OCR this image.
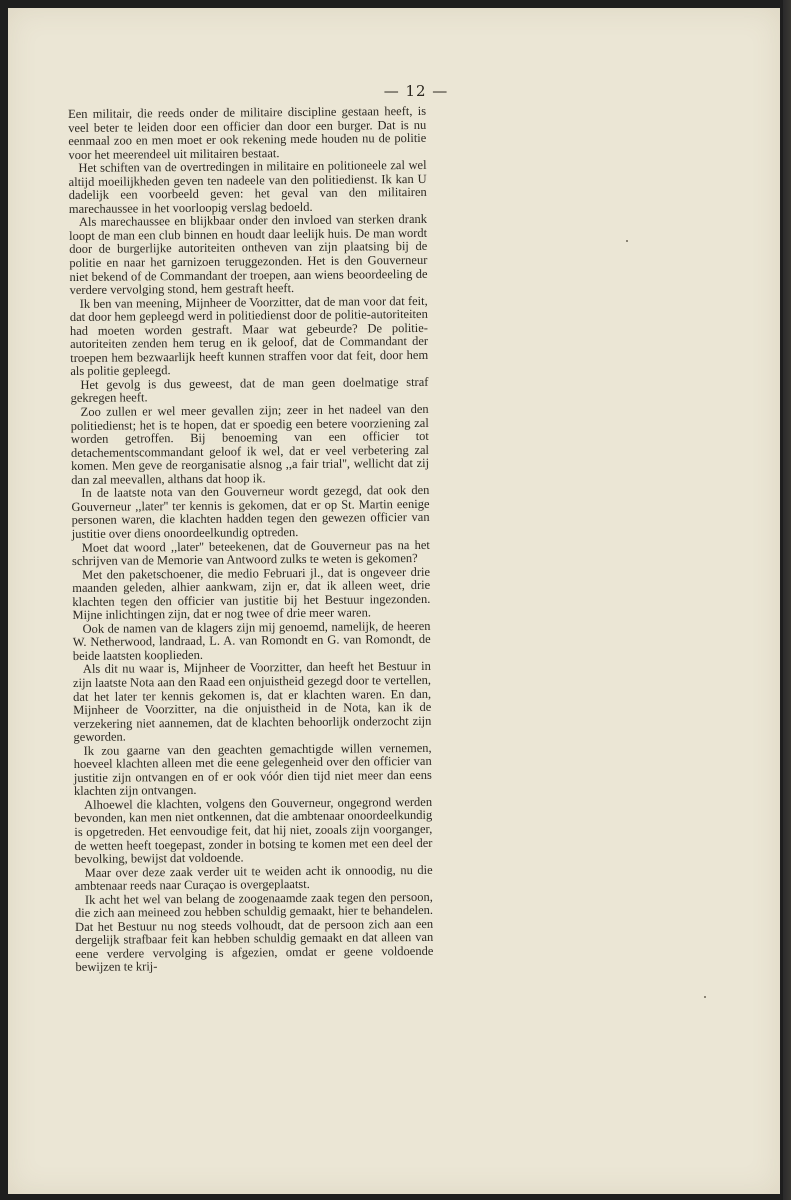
— 12 —

Een militair, die reeds onder de militaire discipline gestaan heeft, is veel beter te leiden door een officier dan door een burger. Dat is nu eenmaal zoo en men moet er ook rekening mede houden nu de politie voor het meerendeel uit militairen bestaat.

Het schiften van de overtredingen in militaire en politioneele zal wel altijd moeilijkheden geven ten nadeele van den politiedienst. Ik kan U dadelijk een voorbeeld geven: het geval van den militairen marechaussee in het voorloopig verslag bedoeld.

Als marechaussee en blijkbaar onder den invloed van sterken drank loopt de man een club binnen en houdt daar leelijk huis. De man wordt door de burgerlijke autoriteiten ontheven van zijn plaatsing bij de politie en naar het garnizoen teruggezonden. Het is den Gouverneur niet bekend of de Commandant der troepen, aan wiens beoordeeling de verdere vervolging stond, hem gestraft heeft.

Ik ben van meening, Mijnheer de Voorzitter, dat de man voor dat feit, dat door hem gepleegd werd in politiedienst door de politie-autoriteiten had moeten worden gestraft. Maar wat gebeurde? De politie-autoriteiten zenden hem terug en ik geloof, dat de Commandant der troepen hem bezwaarlijk heeft kunnen straffen voor dat feit, door hem als politie gepleegd.

Het gevolg is dus geweest, dat de man geen doelmatige straf gekregen heeft.

Zoo zullen er wel meer gevallen zijn; zeer in het nadeel van den politiedienst; het is te hopen, dat er spoedig een betere voorziening zal worden getroffen. Bij benoeming van een officier tot detachementscommandant geloof ik wel, dat er veel verbetering zal komen. Men geve de reorganisatie alsnog ,,a fair trial'', wellicht dat zij dan zal meevallen, althans dat hoop ik.

In de laatste nota van den Gouverneur wordt gezegd, dat ook den Gouverneur ,,later'' ter kennis is gekomen, dat er op St. Martin eenige personen waren, die klachten hadden tegen den gewezen officier van justitie over diens onoordeelkundig optreden.

Moet dat woord ,,later'' beteekenen, dat de Gouverneur pas na het schrijven van de Memorie van Antwoord zulks te weten is gekomen?

Met den paketschoener, die medio Februari jl., dat is ongeveer drie maanden geleden, alhier aankwam, zijn er, dat ik alleen weet, drie klachten tegen den officier van justitie bij het Bestuur ingezonden. Mijne inlichtingen zijn, dat er nog twee of drie meer waren.

Ook de namen van de klagers zijn mij genoemd, namelijk, de heeren W. Netherwood, landraad, L. A. van Romondt en G. van Romondt, de beide laatsten kooplieden.

Als dit nu waar is, Mijnheer de Voorzitter, dan heeft het Bestuur in zijn laatste Nota aan den Raad een onjuistheid gezegd door te vertellen, dat het later ter kennis gekomen is, dat er klachten waren. En dan, Mijnheer de Voorzitter, na die onjuistheid in de Nota, kan ik de verzekering niet aannemen, dat de klachten behoorlijk onderzocht zijn geworden.

Ik zou gaarne van den geachten gemachtigde willen vernemen, hoeveel klachten alleen met die eene gelegenheid over den officier van justitie zijn ontvangen en of er ook vóór dien tijd niet meer dan eens klachten zijn ontvangen.

Alhoewel die klachten, volgens den Gouverneur, ongegrond werden bevonden, kan men niet ontkennen, dat die ambtenaar onoordeelkundig is opgetreden. Het eenvoudige feit, dat hij niet, zooals zijn voorganger, de wetten heeft toegepast, zonder in botsing te komen met een deel der bevolking, bewijst dat voldoende.

Maar over deze zaak verder uit te weiden acht ik onnoodig, nu die ambtenaar reeds naar Curaçao is overgeplaatst.

Ik acht het wel van belang de zoogenaamde zaak tegen den persoon, die zich aan meineed zou hebben schuldig gemaakt, hier te behandelen. Dat het Bestuur nu nog steeds volhoudt, dat de persoon zich aan een dergelijk strafbaar feit kan hebben schuldig gemaakt en dat alleen van eene verdere vervolging is afgezien, omdat er geene voldoende bewijzen te krij-
